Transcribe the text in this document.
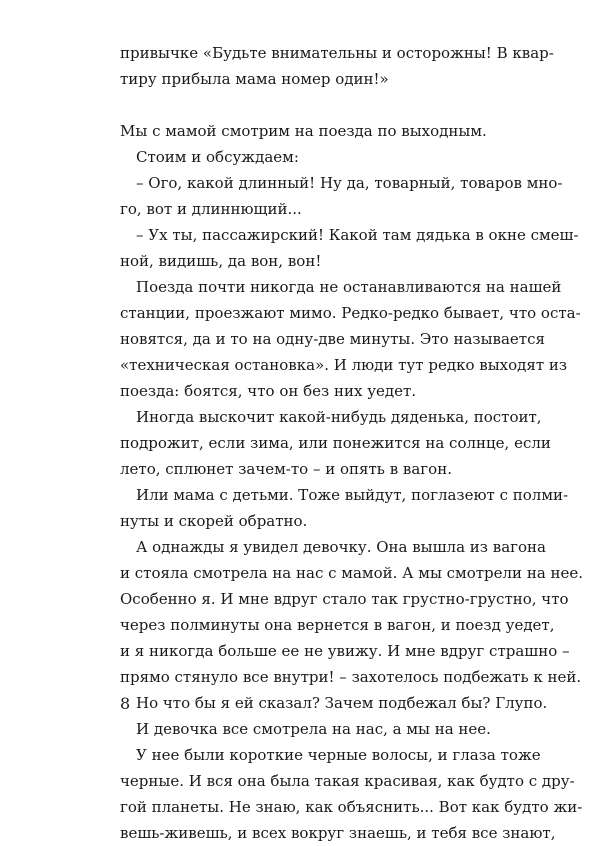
привычке «Будьте внимательны и осторожны! В квар-
тиру прибыла мама номер один!»
Мы с мамой смотрим на поезда по выходным.
Стоим и обсуждаем:
– Ого, какой длинный! Ну да, товарный, товаров мно-
го, вот и длиннющий...
– Ух ты, пассажирский! Какой там дядька в окне смеш-
ной, видишь, да вон, вон!
Поезда почти никогда не останавливаются на нашей
станции, проезжают мимо. Редко-редко бывает, что оста-
новятся, да и то на одну-две минуты. Это называется
«техническая остановка». И люди тут редко выходят из
поезда: боятся, что он без них уедет.
Иногда выскочит какой-нибудь дяденька, постоит,
подрожит, если зима, или понежится на солнце, если
лето, сплюнет зачем-то – и опять в вагон.
Или мама с детьми. Тоже выйдут, поглазеют с полми-
нуты и скорей обратно.
А однажды я увидел девочку. Она вышла из вагона
и стояла смотрела на нас с мамой. А мы смотрели на нее.
Особенно я. И мне вдруг стало так грустно-грустно, что
через полминуты она вернется в вагон, и поезд уедет,
и я никогда больше ее не увижу. И мне вдруг страшно –
прямо стянуло все внутри! – захотелось подбежать к ней.
Но что бы я ей сказал? Зачем подбежал бы? Глупо.
И девочка все смотрела на нас, а мы на нее.
У нее были короткие черные волосы, и глаза тоже
черные. И вся она была такая красивая, как будто с дру-
гой планеты. Не знаю, как объяснить... Вот как будто жи-
вешь-живешь, и всех вокруг знаешь, и тебя все знают,
8
